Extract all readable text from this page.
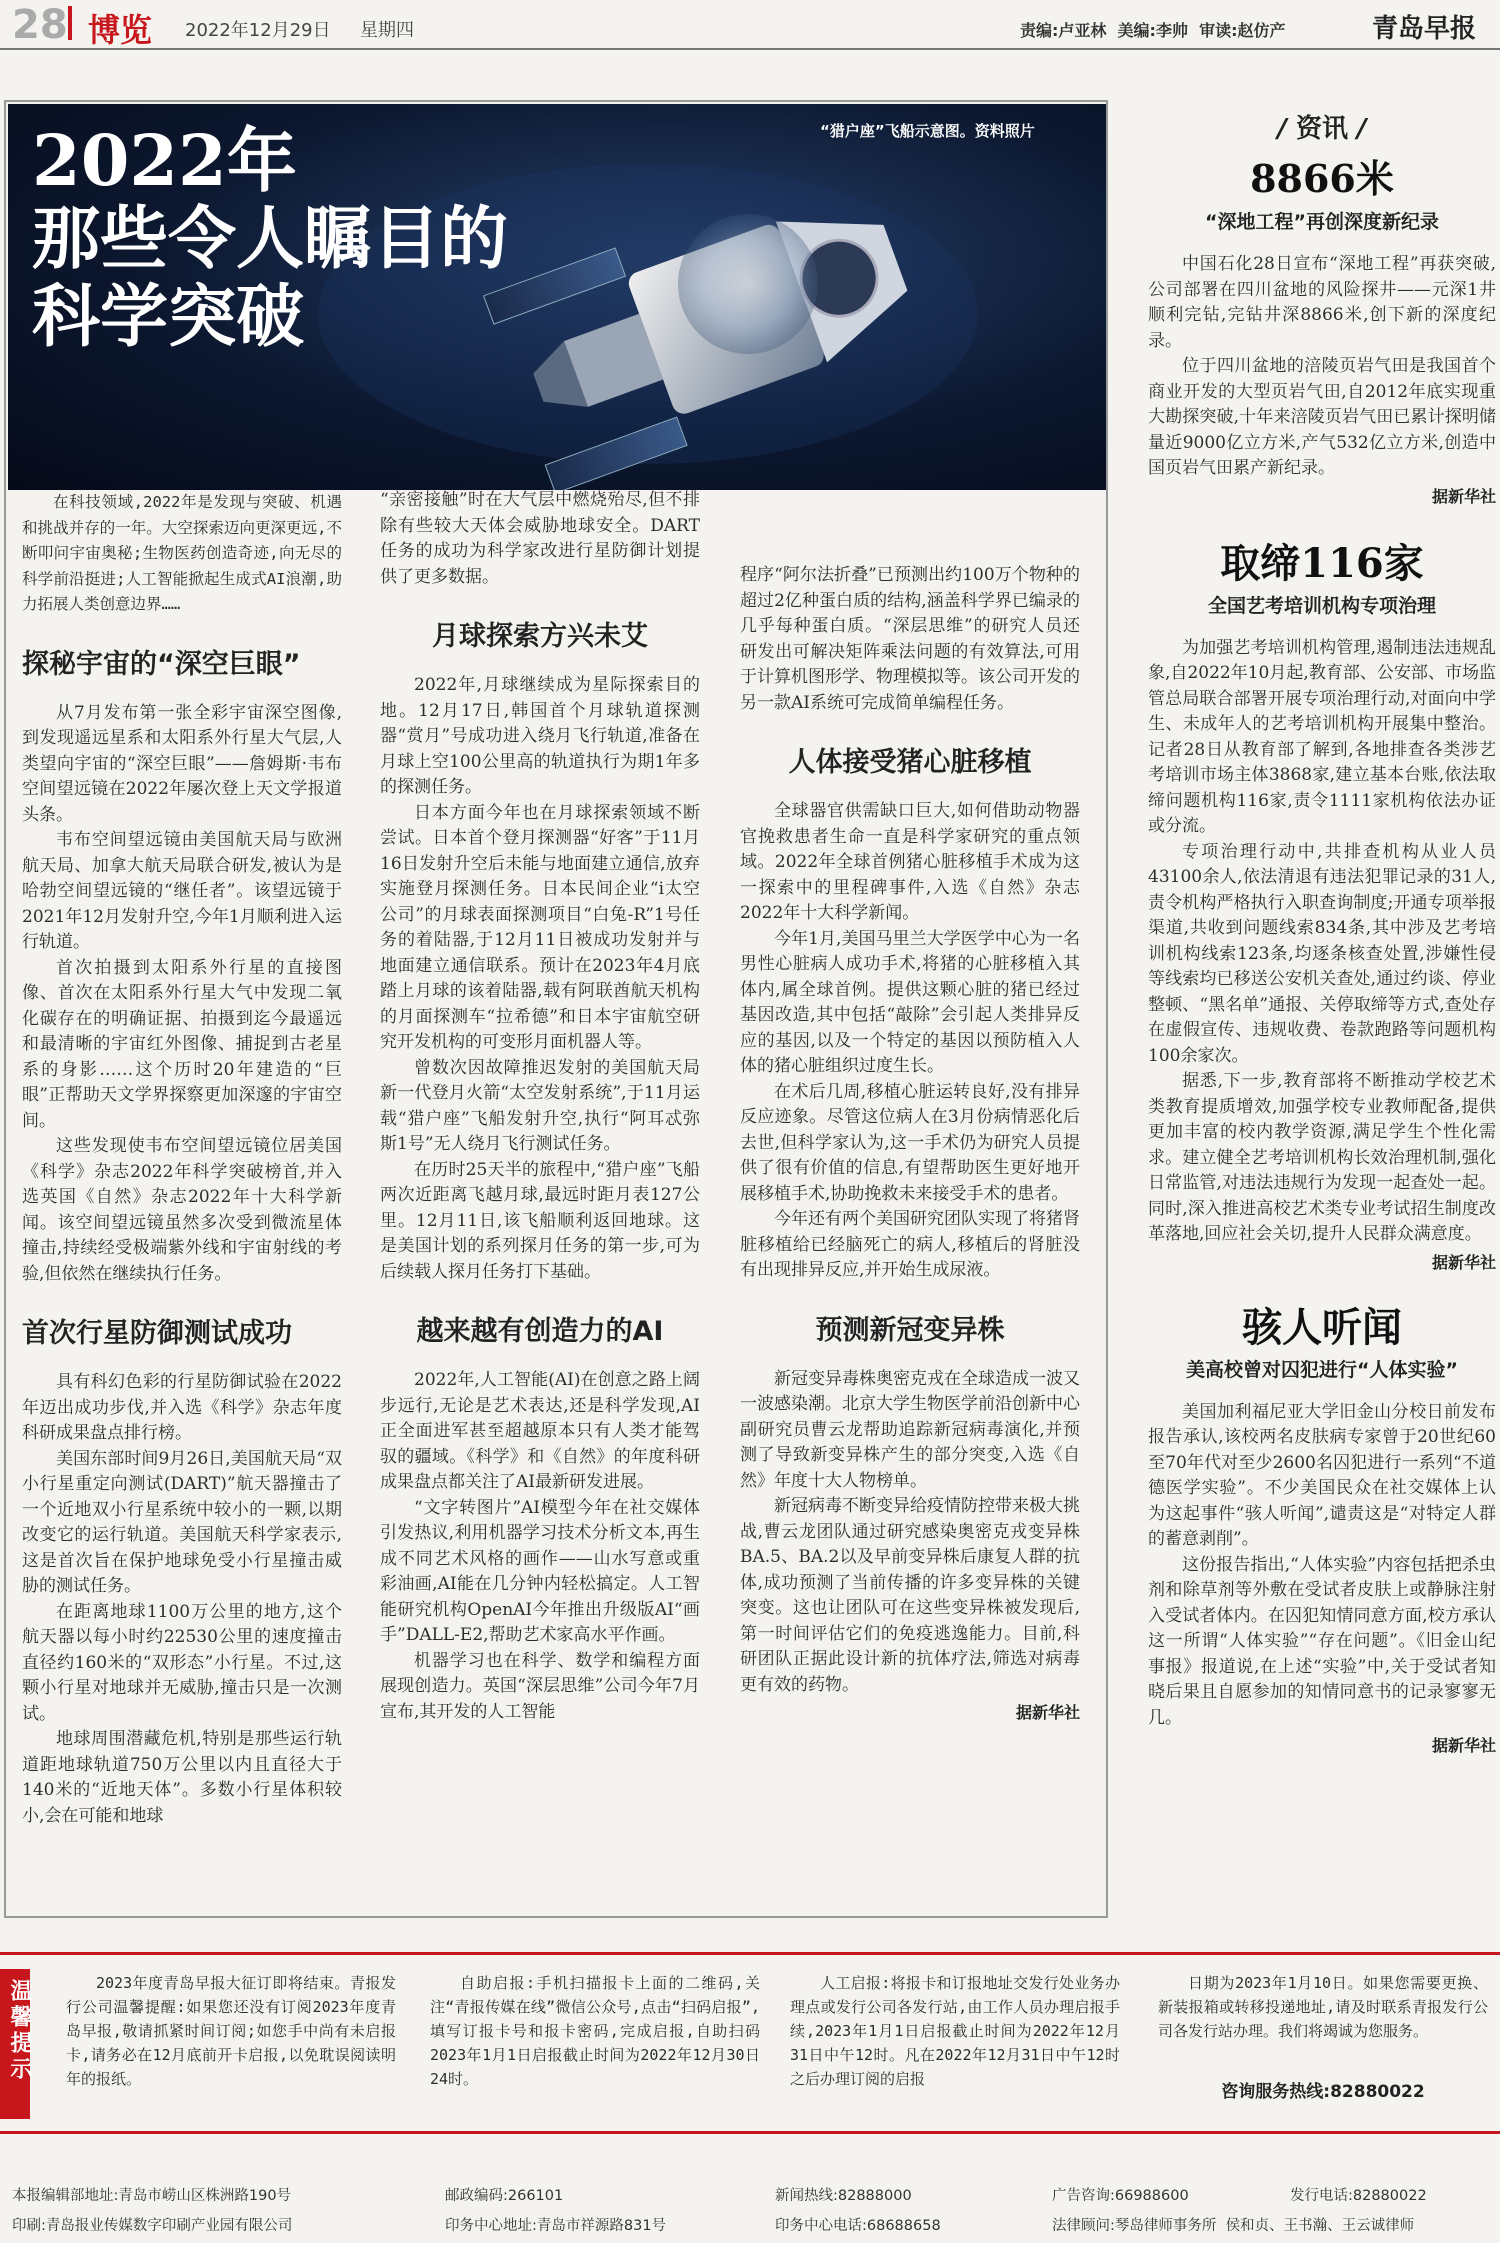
28 博览 2022年12月29日 星期四	责编:卢亚林  美编:李帅  审读:赵仿产	青岛早报
“猎户座”飞船示意图。资料照片
2022年
那些令人瞩目的
科学突破

在科技领域,2022年是发现与突破、机遇和挑战并存的一年。大空探索迈向更深更远,不断叩问宇宙奥秘;生物医药创造奇迹,向无尽的科学前沿挺进;人工智能掀起生成式AI浪潮,助力拓展人类创意边界……

探秘宇宙的“深空巨眼”

从7月发布第一张全彩宇宙深空图像,到发现遥远星系和太阳系外行星大气层,人类望向宇宙的“深空巨眼”——詹姆斯·韦布空间望远镜在2022年屡次登上天文学报道头条。

韦布空间望远镜由美国航天局与欧洲航天局、加拿大航天局联合研发,被认为是哈勃空间望远镜的“继任者”。该望远镜于2021年12月发射升空,今年1月顺利进入运行轨道。

首次拍摄到太阳系外行星的直接图像、首次在太阳系外行星大气中发现二氧化碳存在的明确证据、拍摄到迄今最遥远和最清晰的宇宙红外图像、捕捉到古老星系的身影……这个历时20年建造的“巨眼”正帮助天文学界探察更加深邃的宇宙空间。

这些发现使韦布空间望远镜位居美国《科学》杂志2022年科学突破榜首,并入选英国《自然》杂志2022年十大科学新闻。该空间望远镜虽然多次受到微流星体撞击,持续经受极端紫外线和宇宙射线的考验,但依然在继续执行任务。

首次行星防御测试成功

具有科幻色彩的行星防御试验在2022年迈出成功步伐,并入选《科学》杂志年度科研成果盘点排行榜。

美国东部时间9月26日,美国航天局“双小行星重定向测试(DART)”航天器撞击了一个近地双小行星系统中较小的一颗,以期改变它的运行轨道。美国航天科学家表示,这是首次旨在保护地球免受小行星撞击威胁的测试任务。

在距离地球1100万公里的地方,这个航天器以每小时约22530公里的速度撞击直径约160米的“双形态”小行星。不过,这颗小行星对地球并无威胁,撞击只是一次测试。

地球周围潜藏危机,特别是那些运行轨道距地球轨道750万公里以内且直径大于140米的“近地天体”。多数小行星体积较小,会在可能和地球

“亲密接触”时在大气层中燃烧殆尽,但不排除有些较大天体会威胁地球安全。DART任务的成功为科学家改进行星防御计划提供了更多数据。

月球探索方兴未艾

2022年,月球继续成为星际探索目的地。12月17日,韩国首个月球轨道探测器“赏月”号成功进入绕月飞行轨道,准备在月球上空100公里高的轨道执行为期1年多的探测任务。

日本方面今年也在月球探索领域不断尝试。日本首个登月探测器“好客”于11月16日发射升空后未能与地面建立通信,放弃实施登月探测任务。日本民间企业“i太空公司”的月球表面探测项目“白兔-R”1号任务的着陆器,于12月11日被成功发射并与地面建立通信联系。预计在2023年4月底踏上月球的该着陆器,载有阿联酋航天机构的月面探测车“拉希德”和日本宇宙航空研究开发机构的可变形月面机器人等。

曾数次因故障推迟发射的美国航天局新一代登月火箭“太空发射系统”,于11月运载“猎户座”飞船发射升空,执行“阿耳忒弥斯1号”无人绕月飞行测试任务。

在历时25天半的旅程中,“猎户座”飞船两次近距离飞越月球,最远时距月表127公里。12月11日,该飞船顺利返回地球。这是美国计划的系列探月任务的第一步,可为后续载人探月任务打下基础。

越来越有创造力的AI

2022年,人工智能(AI)在创意之路上阔步远行,无论是艺术表达,还是科学发现,AI正全面进军甚至超越原本只有人类才能驾驭的疆域。《科学》和《自然》的年度科研成果盘点都关注了AI最新研发进展。

“文字转图片”AI模型今年在社交媒体引发热议,利用机器学习技术分析文本,再生成不同艺术风格的画作——山水写意或重彩油画,AI能在几分钟内轻松搞定。人工智能研究机构OpenAI今年推出升级版AI“画手”DALL-E2,帮助艺术家高水平作画。

机器学习也在科学、数学和编程方面展现创造力。英国“深层思维”公司今年7月宣布,其开发的人工智能

程序“阿尔法折叠”已预测出约100万个物种的超过2亿种蛋白质的结构,涵盖科学界已编录的几乎每种蛋白质。“深层思维”的研究人员还研发出可解决矩阵乘法问题的有效算法,可用于计算机图形学、物理模拟等。该公司开发的另一款AI系统可完成简单编程任务。

人体接受猪心脏移植

全球器官供需缺口巨大,如何借助动物器官挽救患者生命一直是科学家研究的重点领域。2022年全球首例猪心脏移植手术成为这一探索中的里程碑事件,入选《自然》杂志2022年十大科学新闻。

今年1月,美国马里兰大学医学中心为一名男性心脏病人成功手术,将猪的心脏移植入其体内,属全球首例。提供这颗心脏的猪已经过基因改造,其中包括“敲除”会引起人类排异反应的基因,以及一个特定的基因以预防植入人体的猪心脏组织过度生长。

在术后几周,移植心脏运转良好,没有排异反应迹象。尽管这位病人在3月份病情恶化后去世,但科学家认为,这一手术仍为研究人员提供了很有价值的信息,有望帮助医生更好地开展移植手术,协助挽救未来接受手术的患者。

今年还有两个美国研究团队实现了将猪肾脏移植给已经脑死亡的病人,移植后的肾脏没有出现排异反应,并开始生成尿液。

预测新冠变异株

新冠变异毒株奥密克戎在全球造成一波又一波感染潮。北京大学生物医学前沿创新中心副研究员曹云龙帮助追踪新冠病毒演化,并预测了导致新变异株产生的部分突变,入选《自然》年度十大人物榜单。

新冠病毒不断变异给疫情防控带来极大挑战,曹云龙团队通过研究感染奥密克戎变异株BA.5、BA.2以及早前变异株后康复人群的抗体,成功预测了当前传播的许多变异株的关键突变。这也让团队可在这些变异株被发现后,第一时间评估它们的免疫逃逸能力。目前,科研团队正据此设计新的抗体疗法,筛选对病毒更有效的药物。

据新华社
/ 资讯 /
8866米
“深地工程”再创深度新纪录

中国石化28日宣布“深地工程”再获突破,公司部署在四川盆地的风险探井——元深1井顺利完钻,完钻井深8866米,创下新的深度纪录。

位于四川盆地的涪陵页岩气田是我国首个商业开发的大型页岩气田,自2012年底实现重大勘探突破,十年来涪陵页岩气田已累计探明储量近9000亿立方米,产气532亿立方米,创造中国页岩气田累产新纪录。

据新华社
取缔116家
全国艺考培训机构专项治理

为加强艺考培训机构管理,遏制违法违规乱象,自2022年10月起,教育部、公安部、市场监管总局联合部署开展专项治理行动,对面向中学生、未成年人的艺考培训机构开展集中整治。记者28日从教育部了解到,各地排查各类涉艺考培训市场主体3868家,建立基本台账,依法取缔问题机构116家,责令1111家机构依法办证或分流。

专项治理行动中,共排查机构从业人员43100余人,依法清退有违法犯罪记录的31人,责令机构严格执行入职查询制度;开通专项举报渠道,共收到问题线索834条,其中涉及艺考培训机构线索123条,均逐条核查处置,涉嫌性侵等线索均已移送公安机关查处,通过约谈、停业整顿、“黑名单”通报、关停取缔等方式,查处存在虚假宣传、违规收费、卷款跑路等问题机构100余家次。

据悉,下一步,教育部将不断推动学校艺术类教育提质增效,加强学校专业教师配备,提供更加丰富的校内教学资源,满足学生个性化需求。建立健全艺考培训机构长效治理机制,强化日常监管,对违法违规行为发现一起查处一起。同时,深入推进高校艺术类专业考试招生制度改革落地,回应社会关切,提升人民群众满意度。

据新华社
骇人听闻
美高校曾对囚犯进行“人体实验”

美国加利福尼亚大学旧金山分校日前发布报告承认,该校两名皮肤病专家曾于20世纪60至70年代对至少2600名囚犯进行一系列“不道德医学实验”。不少美国民众在社交媒体上认为这起事件“骇人听闻”,谴责这是“对特定人群的蓄意剥削”。

这份报告指出,“人体实验”内容包括把杀虫剂和除草剂等外敷在受试者皮肤上或静脉注射入受试者体内。在囚犯知情同意方面,校方承认这一所谓“人体实验”“存在问题”。《旧金山纪事报》报道说,在上述“实验”中,关于受试者知晓后果且自愿参加的知情同意书的记录寥寥无几。

据新华社
温馨提示	2023年度青岛早报大征订即将结束。青报发行公司温馨提醒:如果您还没有订阅2023年度青岛早报,敬请抓紧时间订阅;如您手中尚有未启报卡,请务必在12月底前开卡启报,以免耽误阅读明年的报纸。

自助启报:手机扫描报卡上面的二维码,关注“青报传媒在线”微信公众号,点击“扫码启报”,填写订报卡号和报卡密码,完成启报,自助扫码2023年1月1日启报截止时间为2022年12月30日24时。

人工启报:将报卡和订报地址交发行处业务办理点或发行公司各发行站,由工作人员办理启报手续,2023年1月1日启报截止时间为2022年12月31日中午12时。凡在2022年12月31日中午12时之后办理订阅的启报

日期为2023年1月10日。如果您需要更换、新装报箱或转移投递地址,请及时联系青报发行公司各发行站办理。我们将竭诚为您服务。

咨询服务热线:82880022
本报编辑部地址:青岛市崂山区株洲路190号	邮政编码:266101	新闻热线:82888000	广告咨询:66988600	发行电话:82880022
印刷:青岛报业传媒数字印刷产业园有限公司	印务中心地址:青岛市祥源路831号	印务中心电话:68688658	法律顾问:琴岛律师事务所  侯和贞、王书瀚、王云诚律师
